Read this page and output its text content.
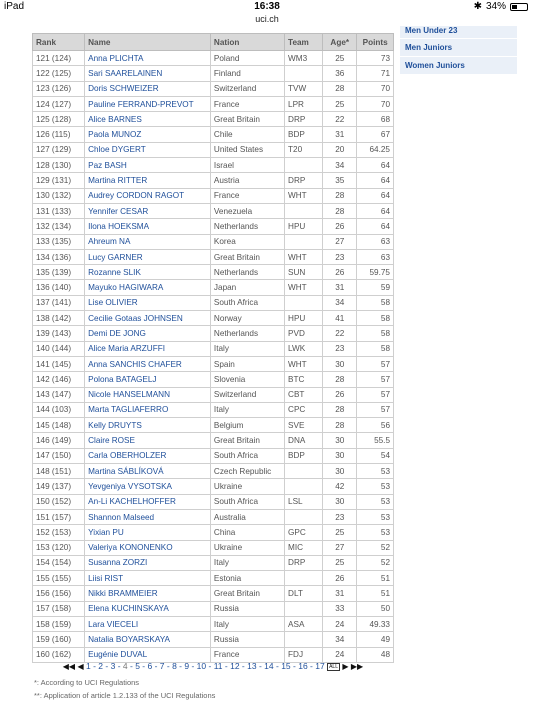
iPad	16:38	✱ 34%
uci.ch
Men Under 23
Men Juniors
Women Juniors
Rank	Name	Nation	Team	Age*	Points
121 (124)	Anna PLICHTA	Poland	WM3	25	73
122 (125)	Sari SAARELAINEN	Finland		36	71
123 (126)	Doris SCHWEIZER	Switzerland	TVW	28	70
124 (127)	Pauline FERRAND-PREVOT	France	LPR	25	70
125 (128)	Alice BARNES	Great Britain	DRP	22	68
126 (115)	Paola MUNOZ	Chile	BDP	31	67
127 (129)	Chloe DYGERT	United States	T20	20	64.25
128 (130)	Paz BASH	Israel		34	64
129 (131)	Martina RITTER	Austria	DRP	35	64
130 (132)	Audrey CORDON RAGOT	France	WHT	28	64
131 (133)	Yennifer CESAR	Venezuela		28	64
132 (134)	Ilona HOEKSMA	Netherlands	HPU	26	64
133 (135)	Ahreum NA	Korea		27	63
134 (136)	Lucy GARNER	Great Britain	WHT	23	63
135 (139)	Rozanne SLIK	Netherlands	SUN	26	59.75
136 (140)	Mayuko HAGIWARA	Japan	WHT	31	59
137 (141)	Lise OLIVIER	South Africa		34	58
138 (142)	Cecilie Gotaas JOHNSEN	Norway	HPU	41	58
139 (143)	Demi DE JONG	Netherlands	PVD	22	58
140 (144)	Alice Maria ARZUFFI	Italy	LWK	23	58
141 (145)	Anna SANCHIS CHAFER	Spain	WHT	30	57
142 (146)	Polona BATAGELJ	Slovenia	BTC	28	57
143 (147)	Nicole HANSELMANN	Switzerland	CBT	26	57
144 (103)	Marta TAGLIAFERRO	Italy	CPC	28	57
145 (148)	Kelly DRUYTS	Belgium	SVE	28	56
146 (149)	Claire ROSE	Great Britain	DNA	30	55.5
147 (150)	Carla OBERHOLZER	South Africa	BDP	30	54
148 (151)	Martina SÁBLÍKOVÁ	Czech Republic		30	53
149 (137)	Yevgeniya VYSOTSKA	Ukraine		42	53
150 (152)	An-Li KACHELHOFFER	South Africa	LSL	30	53
151 (157)	Shannon Malseed	Australia		23	53
152 (153)	Yixian PU	China	GPC	25	53
153 (120)	Valeriya KONONENKO	Ukraine	MIC	27	52
154 (154)	Susanna ZORZI	Italy	DRP	25	52
155 (155)	Liisi RIST	Estonia		26	51
156 (156)	Nikki BRAMMEIER	Great Britain	DLT	31	51
157 (158)	Elena KUCHINSKAYA	Russia		33	50
158 (159)	Lara VIECELI	Italy	ASA	24	49.33
159 (160)	Natalia BOYARSKAYA	Russia		34	49
160 (162)	Eugénie DUVAL	France	FDJ	24	48
◀◀ ◀ 1 - 2 - 3 - 4 - 5 - 6 - 7 - 8 - 9 - 10 - 11 - 12 - 13 - 14 - 15 - 16 - 17 ALL ▶ ▶▶
*: According to UCI Regulations
**: Application of article 1.2.133 of the UCI Regulations
